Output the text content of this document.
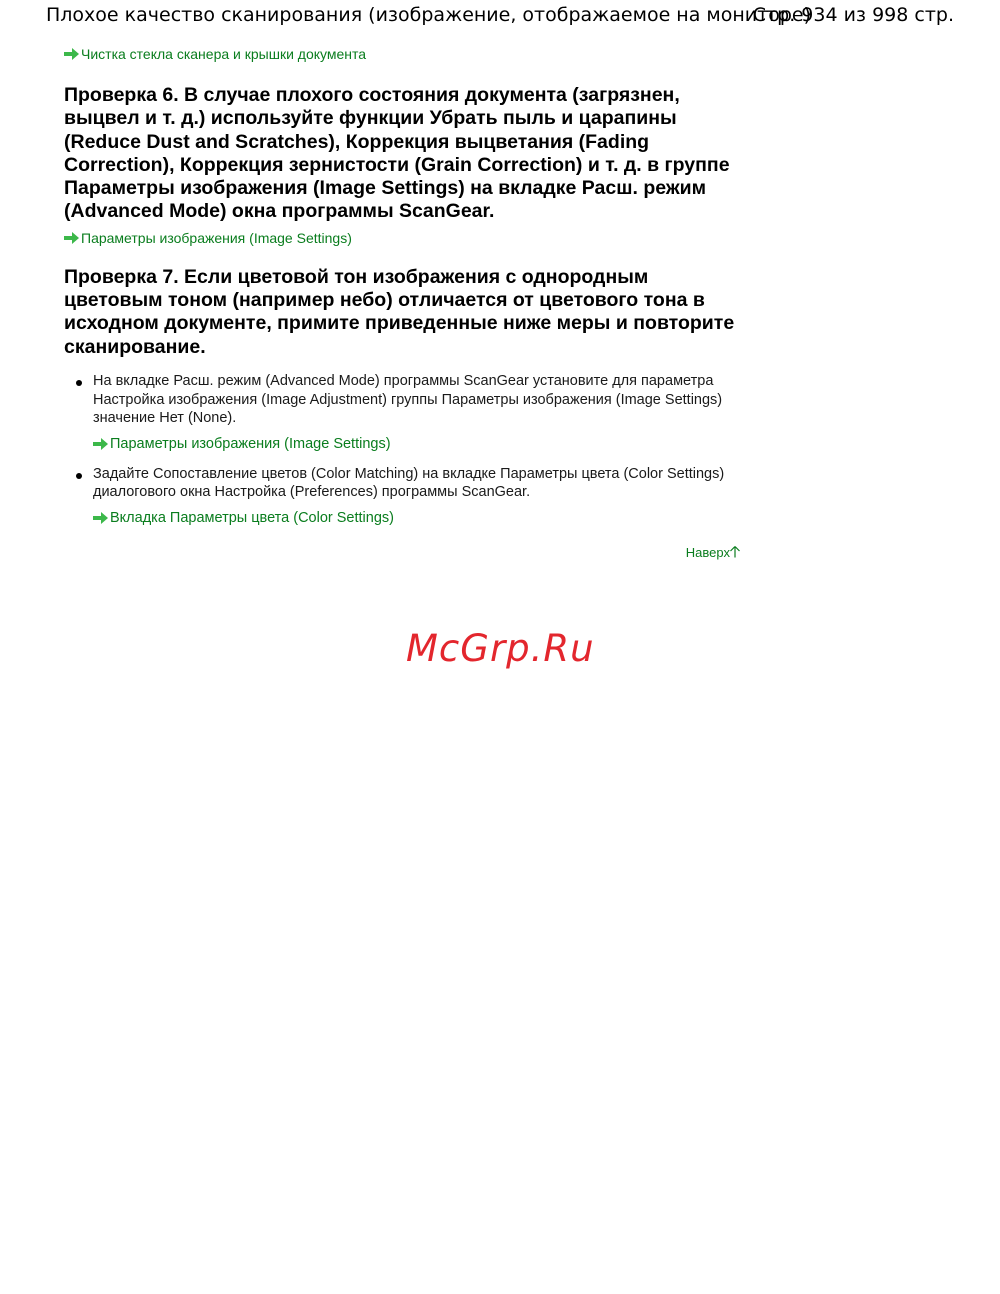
Плохое качество сканирования (изображение, отображаемое на мониторе)
Стр. 934 из 998 стр.
Чистка стекла сканера и крышки документа
Проверка 6. В случае плохого состояния документа (загрязнен, выцвел и т. д.) используйте функции Убрать пыль и царапины (Reduce Dust and Scratches), Коррекция выцветания (Fading Correction), Коррекция зернистости (Grain Correction) и т. д. в группе Параметры изображения (Image Settings) на вкладке Расш. режим (Advanced Mode) окна программы ScanGear.
Параметры изображения (Image Settings)
Проверка 7. Если цветовой тон изображения с однородным цветовым тоном (например небо) отличается от цветового тона в исходном документе, примите приведенные ниже меры и повторите сканирование.
На вкладке Расш. режим (Advanced Mode) программы ScanGear установите для параметра Настройка изображения (Image Adjustment) группы Параметры изображения (Image Settings) значение Нет (None).
Параметры изображения (Image Settings)
Задайте Сопоставление цветов (Color Matching) на вкладке Параметры цвета (Color Settings) диалогового окна Настройка (Preferences) программы ScanGear.
Вкладка Параметры цвета (Color Settings)
Наверх
McGrp.Ru
